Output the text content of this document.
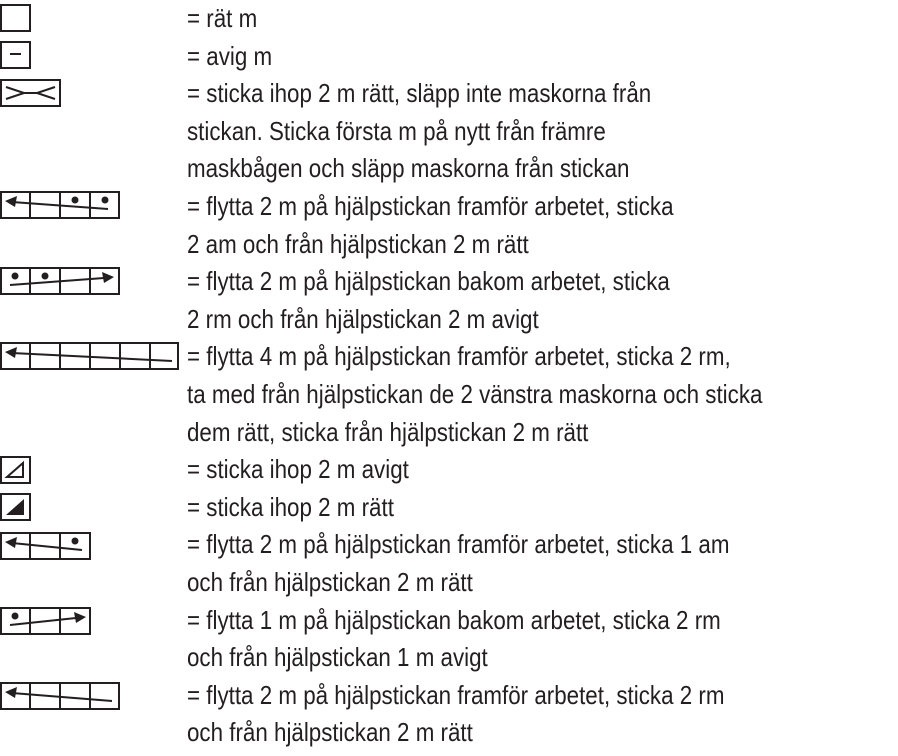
= rät m
= avig m
= sticka ihop 2 m rätt, släpp inte maskorna från
stickan. Sticka första m på nytt från främre
maskbågen och släpp maskorna från stickan
= flytta 2 m på hjälpstickan framför arbetet, sticka
2 am och från hjälpstickan 2 m rätt
= flytta 2 m på hjälpstickan bakom arbetet, sticka
2 rm och från hjälpstickan 2 m avigt
= flytta 4 m på hjälpstickan framför arbetet, sticka 2 rm,
ta med från hjälpstickan de 2 vänstra maskorna och sticka
dem rätt, sticka från hjälpstickan 2 m rätt
= sticka ihop 2 m avigt
= sticka ihop 2 m rätt
= flytta 2 m på hjälpstickan framför arbetet, sticka 1 am
och från hjälpstickan 2 m rätt
= flytta 1 m på hjälpstickan bakom arbetet, sticka 2 rm
och från hjälpstickan 1 m avigt
= flytta 2 m på hjälpstickan framför arbetet, sticka 2 rm
och från hjälpstickan 2 m rätt
